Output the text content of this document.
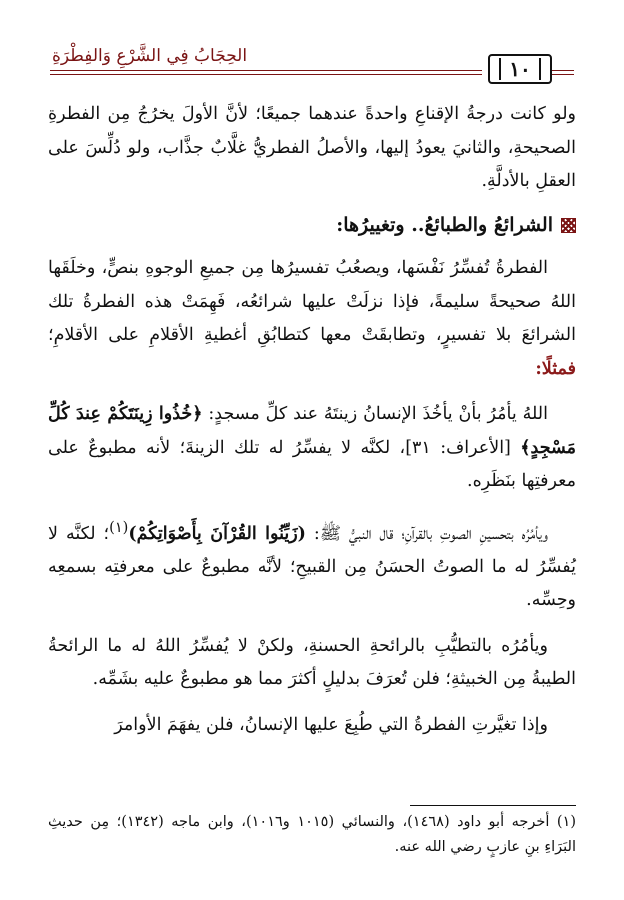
الحِجَابُ فِي الشَّرْعِ وَالفِطْرَةِ
١٠

ولو كانت درجةُ الإقناعِ واحدةً عندهما جميعًا؛ لأنَّ الأولَ يخرُجُ مِن الفطرةِ الصحيحةِ، والثانيَ يعودُ إليها، والأصلُ الفطريُّ غلَّابٌ جذَّاب، ولو دُلِّسَ على العقلِ بالأدلَّةِ.

الشرائعُ والطبائعُ.. وتغييرُها:

الفطرةُ تُفسِّرُ نَفْسَها، ويصعُبُ تفسيرُها مِن جميعِ الوجوهِ بنصٍّ، وخلَقَها اللهُ صحيحةً سليمةً، فإذا نزلَتْ عليها شرائعُه، فَهِمَتْ هذه الفطرةُ تلك الشرائعَ بلا تفسيرٍ، وتطابقَتْ معها كتطابُقِ أغطيةِ الأقلامِ على الأقلامِ؛ فمثلًا:

اللهُ يأمُرُ بأنْ يأخُذَ الإنسانُ زينتَهُ عند كلِّ مسجدٍ: ﴿خُذُوا زِينَتَكُمْ عِندَ كُلِّ مَسْجِدٍ﴾ [الأعراف: ٣١]، لكنَّه لا يفسِّرُ له تلك الزينةَ؛ لأنه مطبوعٌ على معرفتِها بنَظَرِه.

ويأمُرُه بتحسينِ الصوتِ بالقرآنِ؛ قال النبيُّ ﷺ: (زَيِّنُوا القُرْآنَ بِأَصْوَاتِكُمْ)$^{(١)}$؛ لكنَّه لا يُفسِّرُ له ما الصوتُ الحسَنُ مِن القبيحِ؛ لأنَّه مطبوعٌ على معرفتِه بسمعِه وحِسِّه.

ويأمُرُه بالتطيُّبِ بالرائحةِ الحسنةِ، ولكنْ لا يُفسِّرُ اللهُ له ما الرائحةُ الطيبةُ مِن الخبيثةِ؛ فلن تُعرَفَ بدليلٍ أكثرَ مما هو مطبوعٌ عليه بشَمِّه.

وإذا تغيَّرتِ الفطرةُ التي طُبِعَ عليها الإنسانُ، فلن يفهَمَ الأوامرَ

(١) أخرجه أبو داود (١٤٦٨)، والنسائي (١٠١٥ و١٠١٦)، وابن ماجه (١٣٤٢)؛ مِن حديثِ البَرَاءِ بنِ عازبٍ رضي الله عنه.
